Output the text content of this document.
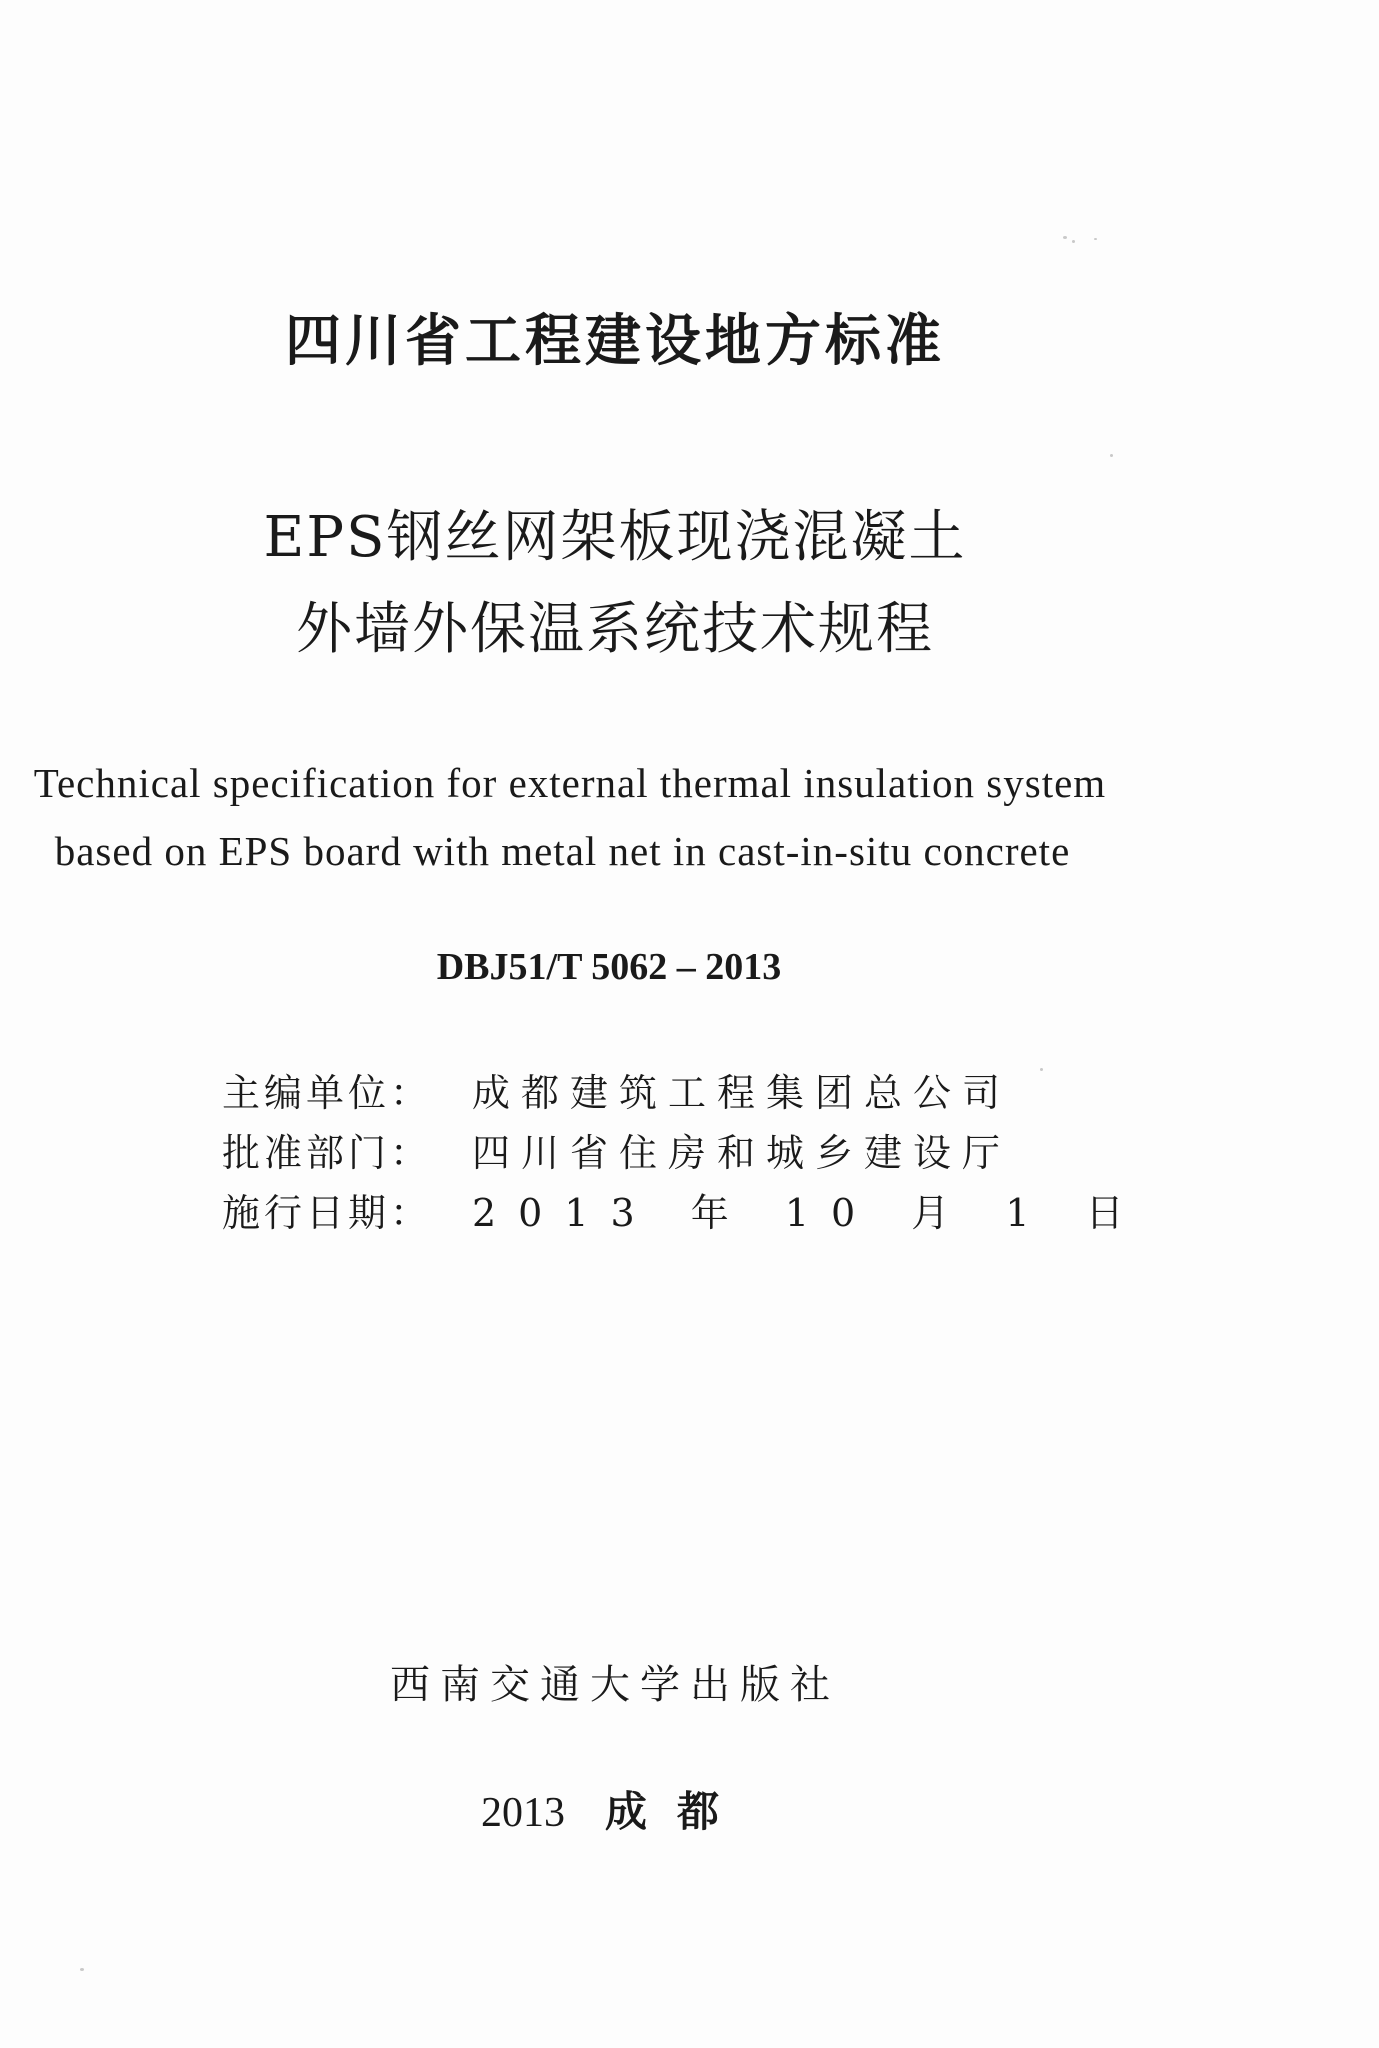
四川省工程建设地方标准
EPS钢丝网架板现浇混凝土
外墙外保温系统技术规程
Technical specification for external thermal insulation system
based on EPS board with metal net in cast-in-situ concrete
DBJ51/T 5062 – 2013
主编单位： 成都建筑工程集团总公司
批准部门： 四川省住房和城乡建设厅
施行日期： 2013 年 10 月 1 日
西南交通大学出版社
2013 成都
